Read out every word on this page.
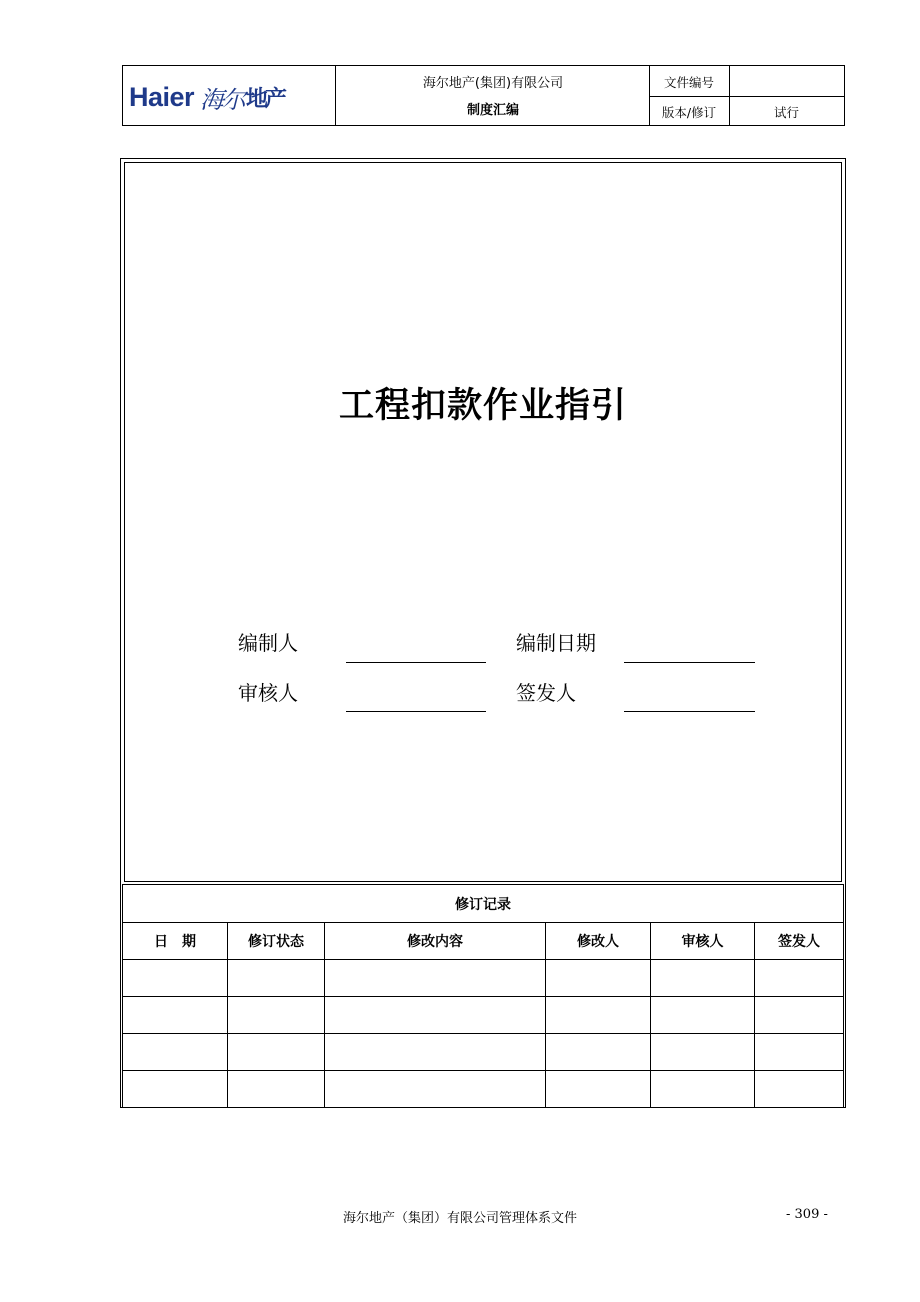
Haier 海尔 地产
海尔地产(集团)有限公司
制度汇编
文件编号
版本/修订	试行
工程扣款作业指引
编制人	编制日期
审核人	签发人
修订记录					
日　期	修订状态	修改内容	修改人	审核人	签发人

海尔地产（集团）有限公司管理体系文件	- 309 -
